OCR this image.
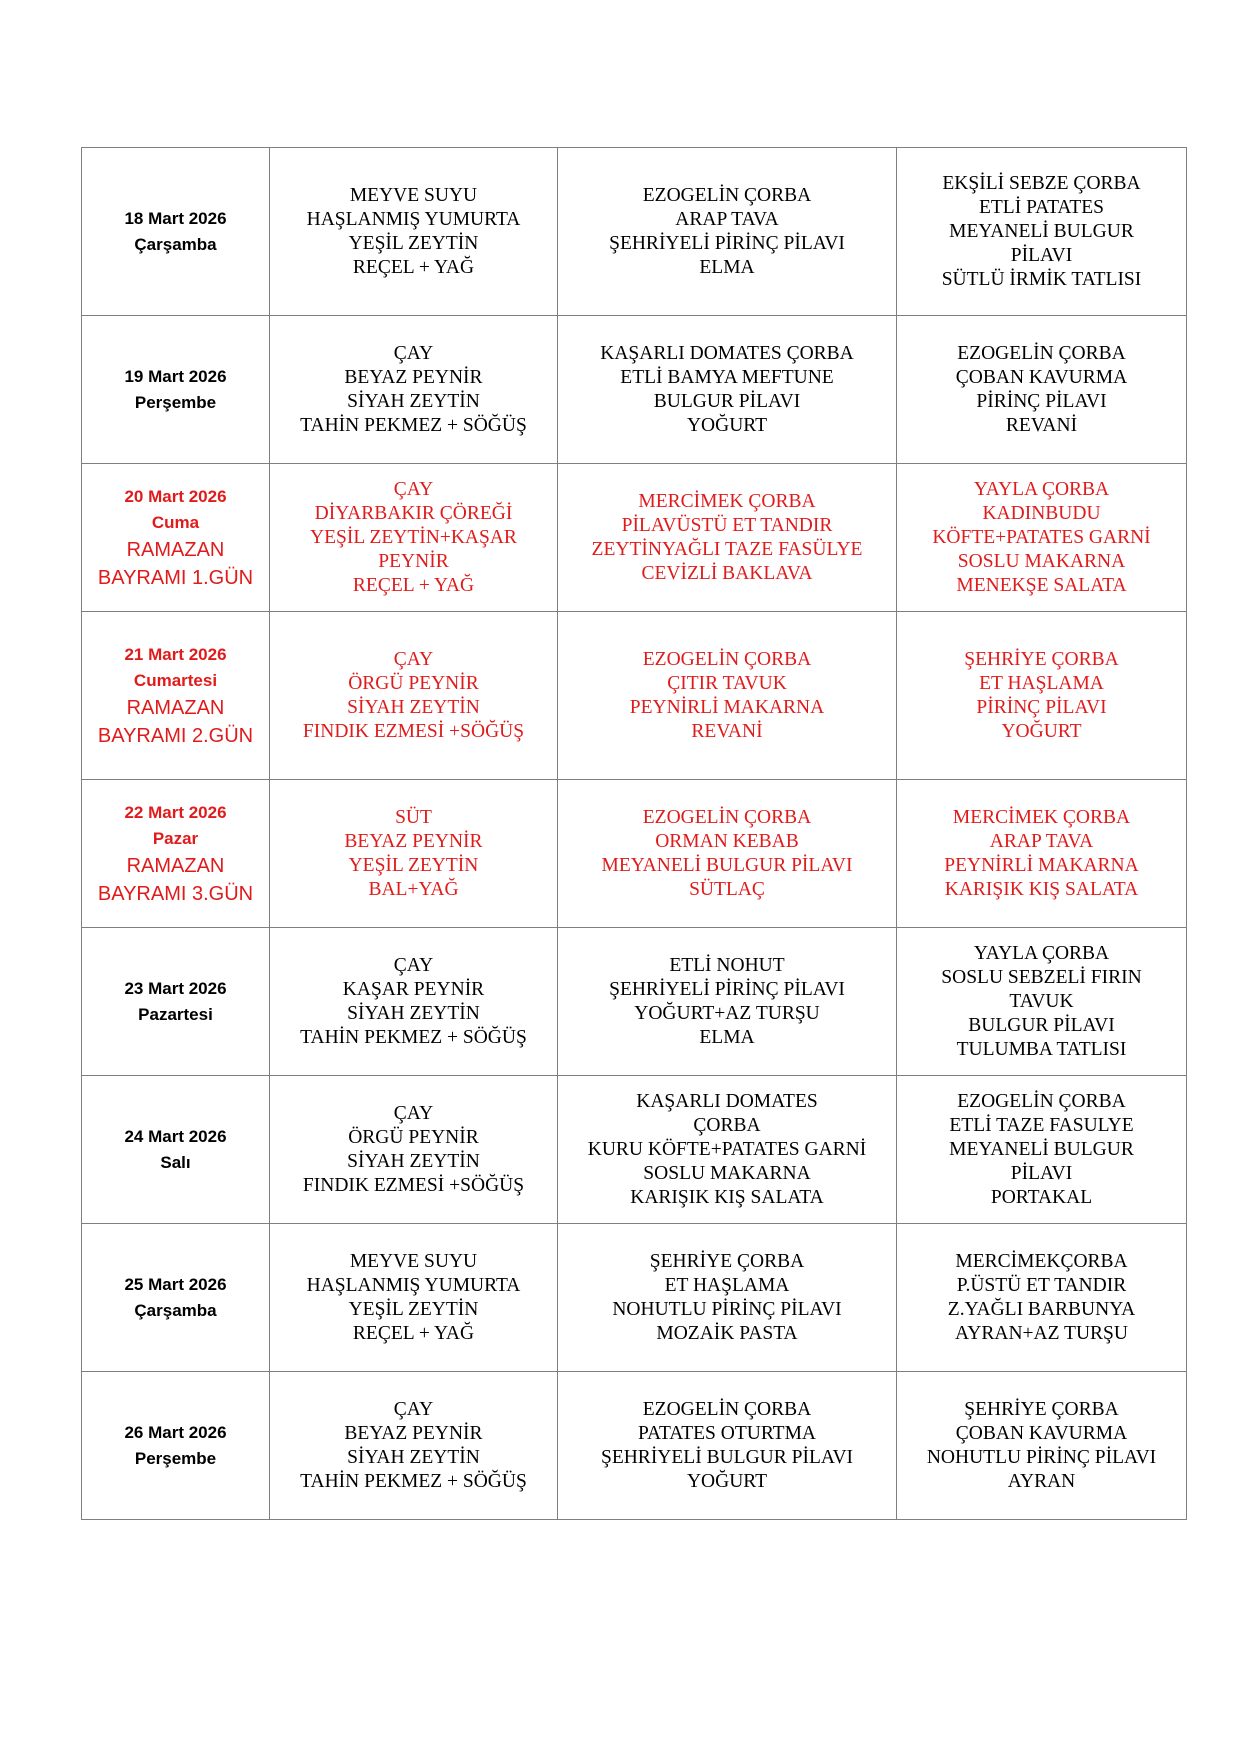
18 Mart 2026
Çarşamba	MEYVE SUYU
HAŞLANMIŞ YUMURTA
YEŞİL ZEYTİN
REÇEL + YAĞ	EZOGELİN ÇORBA
ARAP TAVA
ŞEHRİYELİ PİRİNÇ PİLAVI
ELMA	EKŞİLİ SEBZE ÇORBA
ETLİ PATATES
MEYANELİ BULGUR
PİLAVI
SÜTLÜ İRMİK TATLISI

19 Mart 2026
Perşembe	ÇAY
BEYAZ PEYNİR
SİYAH ZEYTİN
TAHİN PEKMEZ + SÖĞÜŞ	KAŞARLI DOMATES ÇORBA
ETLİ BAMYA MEFTUNE
BULGUR PİLAVI
YOĞURT	EZOGELİN ÇORBA
ÇOBAN KAVURMA
PİRİNÇ PİLAVI
REVANİ

20 Mart 2026
Cuma
RAMAZAN
BAYRAMI 1.GÜN	ÇAY
DİYARBAKIR ÇÖREĞİ
YEŞİL ZEYTİN+KAŞAR
PEYNİR
REÇEL + YAĞ	MERCİMEK ÇORBA
PİLAVÜSTÜ ET TANDIR
ZEYTİNYAĞLI TAZE FASÜLYE
CEVİZLİ BAKLAVA	YAYLA ÇORBA
KADINBUDU
KÖFTE+PATATES GARNİ
SOSLU MAKARNA
MENEKŞE SALATA

21 Mart 2026
Cumartesi
RAMAZAN
BAYRAMI 2.GÜN	ÇAY
ÖRGÜ PEYNİR
SİYAH ZEYTİN
FINDIK EZMESİ +SÖĞÜŞ	EZOGELİN ÇORBA
ÇITIR TAVUK
PEYNİRLİ MAKARNA
REVANİ	ŞEHRİYE ÇORBA
ET HAŞLAMA
PİRİNÇ PİLAVI
YOĞURT

22 Mart 2026
Pazar
RAMAZAN
BAYRAMI 3.GÜN	SÜT
BEYAZ PEYNİR
YEŞİL ZEYTİN
BAL+YAĞ	EZOGELİN ÇORBA
ORMAN KEBAB
MEYANELİ BULGUR PİLAVI
SÜTLAÇ	MERCİMEK ÇORBA
ARAP TAVA
PEYNİRLİ MAKARNA
KARIŞIK KIŞ SALATA

23 Mart 2026
Pazartesi	ÇAY
KAŞAR PEYNİR
SİYAH ZEYTİN
TAHİN PEKMEZ + SÖĞÜŞ	ETLİ NOHUT
ŞEHRİYELİ PİRİNÇ PİLAVI
YOĞURT+AZ TURŞU
ELMA	YAYLA ÇORBA
SOSLU SEBZELİ FIRIN
TAVUK
BULGUR PİLAVI
TULUMBA TATLISI

24 Mart 2026
Salı	ÇAY
ÖRGÜ PEYNİR
SİYAH ZEYTİN
FINDIK EZMESİ +SÖĞÜŞ	KAŞARLI DOMATES
ÇORBA
KURU KÖFTE+PATATES GARNİ
SOSLU MAKARNA
KARIŞIK KIŞ SALATA	EZOGELİN ÇORBA
ETLİ TAZE FASULYE
MEYANELİ BULGUR
PİLAVI
PORTAKAL

25 Mart 2026
Çarşamba	MEYVE SUYU
HAŞLANMIŞ YUMURTA
YEŞİL ZEYTİN
REÇEL + YAĞ	ŞEHRİYE ÇORBA
ET HAŞLAMA
NOHUTLU PİRİNÇ PİLAVI
MOZAİK PASTA	MERCİMEKÇORBA
P.ÜSTÜ ET TANDIR
Z.YAĞLI BARBUNYA
AYRAN+AZ TURŞU

26 Mart 2026
Perşembe	ÇAY
BEYAZ PEYNİR
SİYAH ZEYTİN
TAHİN PEKMEZ + SÖĞÜŞ	EZOGELİN ÇORBA
PATATES OTURTMA
ŞEHRİYELİ BULGUR PİLAVI
YOĞURT	ŞEHRİYE ÇORBA
ÇOBAN KAVURMA
NOHUTLU PİRİNÇ PİLAVI
AYRAN
